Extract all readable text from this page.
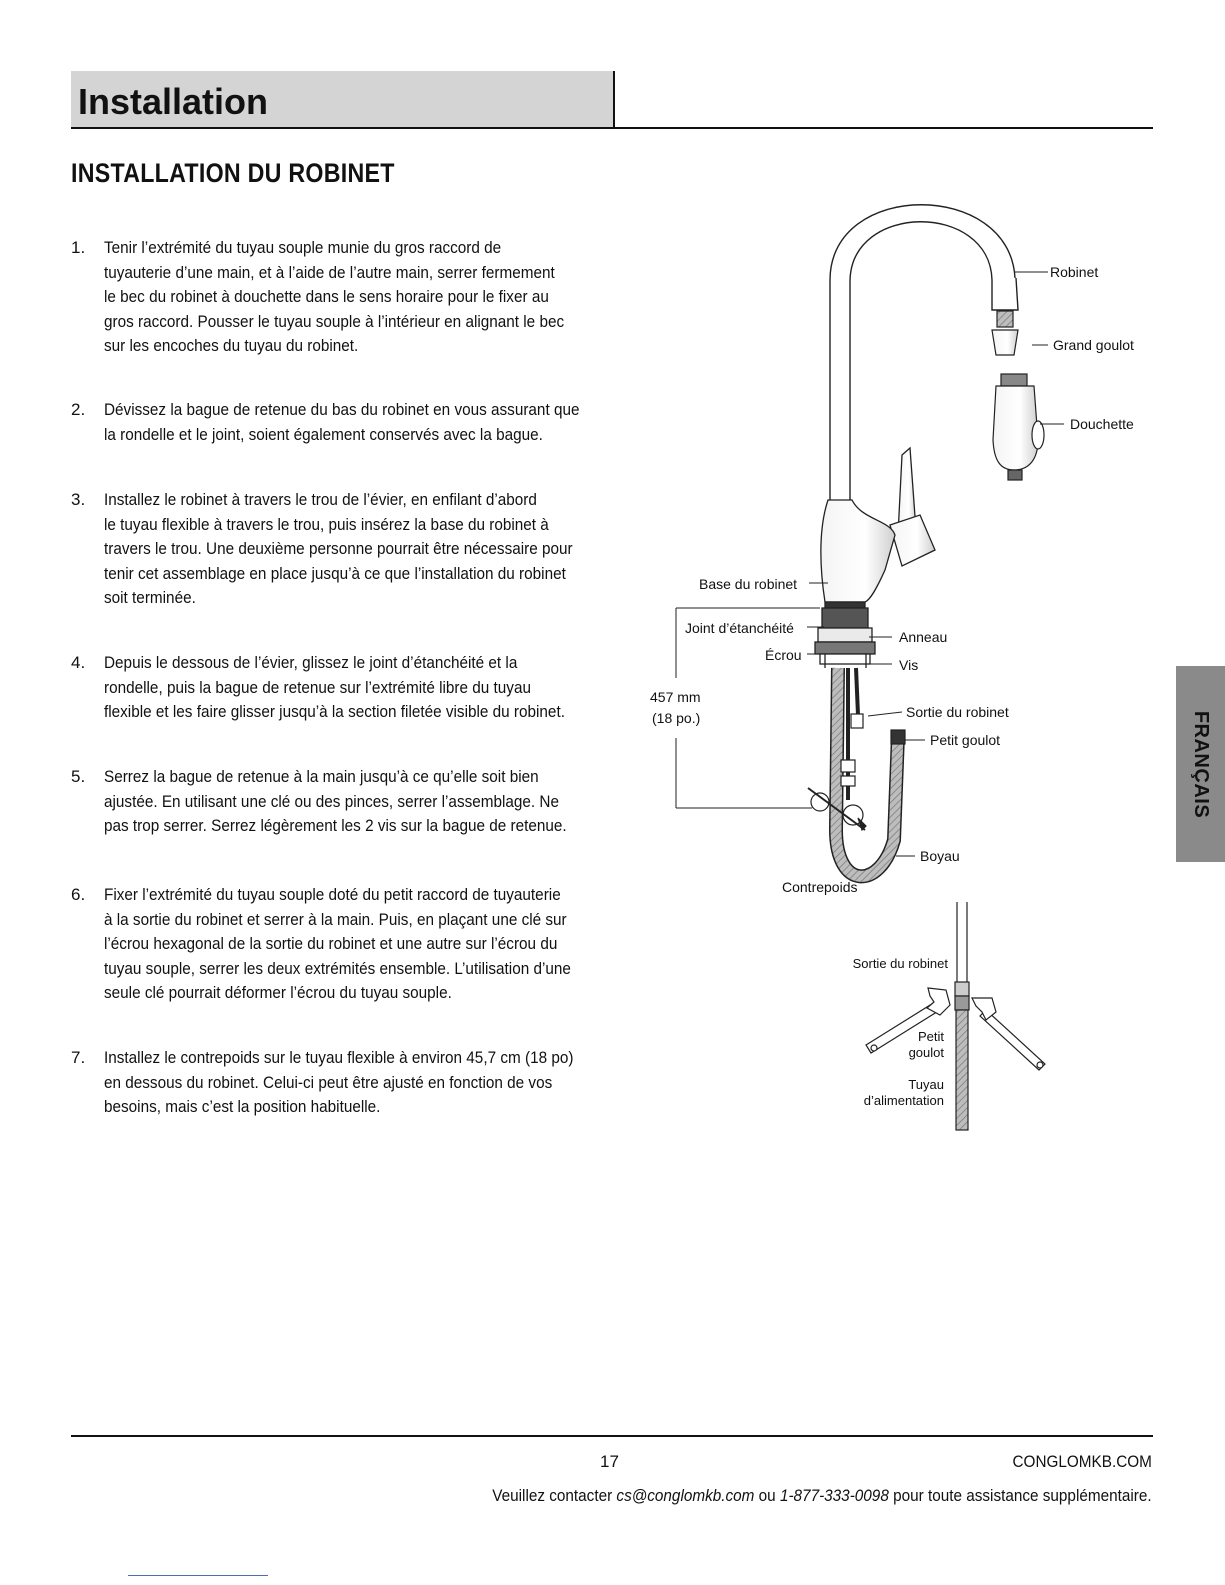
Installation
INSTALLATION DU ROBINET
1. Tenir l’extrémité du tuyau souple munie du gros raccord de
tuyauterie d’une main, et à l’aide de l’autre main, serrer fermement
le bec du robinet à douchette dans le sens horaire pour le fixer au
gros raccord. Pousser le tuyau souple à l’intérieur en alignant le bec
sur les encoches du tuyau du robinet.
2. Dévissez la bague de retenue du bas du robinet en vous assurant que
la rondelle et le joint, soient également conservés avec la bague.
3. Installez le robinet à travers le trou de l’évier, en enfilant d’abord
le tuyau flexible à travers le trou, puis insérez la base du robinet à
travers le trou. Une deuxième personne pourrait être nécessaire pour
tenir cet assemblage en place jusqu’à ce que l’installation du robinet
soit terminée.
4. Depuis le dessous de l’évier, glissez le joint d’étanchéité et la
rondelle, puis la bague de retenue sur l’extrémité libre du tuyau
flexible et les faire glisser jusqu’à la section filetée visible du robinet.
5. Serrez la bague de retenue à la main jusqu’à ce qu’elle soit bien
ajustée. En utilisant une clé ou des pinces, serrer l’assemblage. Ne
pas trop serrer. Serrez légèrement les 2 vis sur la bague de retenue.
6. Fixer l’extrémité du tuyau souple doté du petit raccord de tuyauterie
à la sortie du robinet et serrer à la main. Puis, en plaçant une clé sur
l’écrou hexagonal de la sortie du robinet et une autre sur l’écrou du
tuyau souple, serrer les deux extrémités ensemble. L’utilisation d’une
seule clé pourrait déformer l’écrou du tuyau souple.
7. Installez le contrepoids sur le tuyau flexible à environ 45,7 cm (18 po)
en dessous du robinet. Celui-ci peut être ajusté en fonction de vos
besoins, mais c’est la position habituelle.
Robinet
Grand goulot
Douchette
Base du robinet
Joint d’étanchéité
Écrou
Anneau
Vis
457 mm
(18 po.)	Sortie du robinet
Petit goulot
Boyau
Contrepoids
Sortie du robinet
Petit
goulot
Tuyau
d’alimentation
FRANÇAIS
17	CONGLOMKB.COM
Veuillez contacter cs@conglomkb.com ou 1-877-333-0098 pour toute assistance supplémentaire.
